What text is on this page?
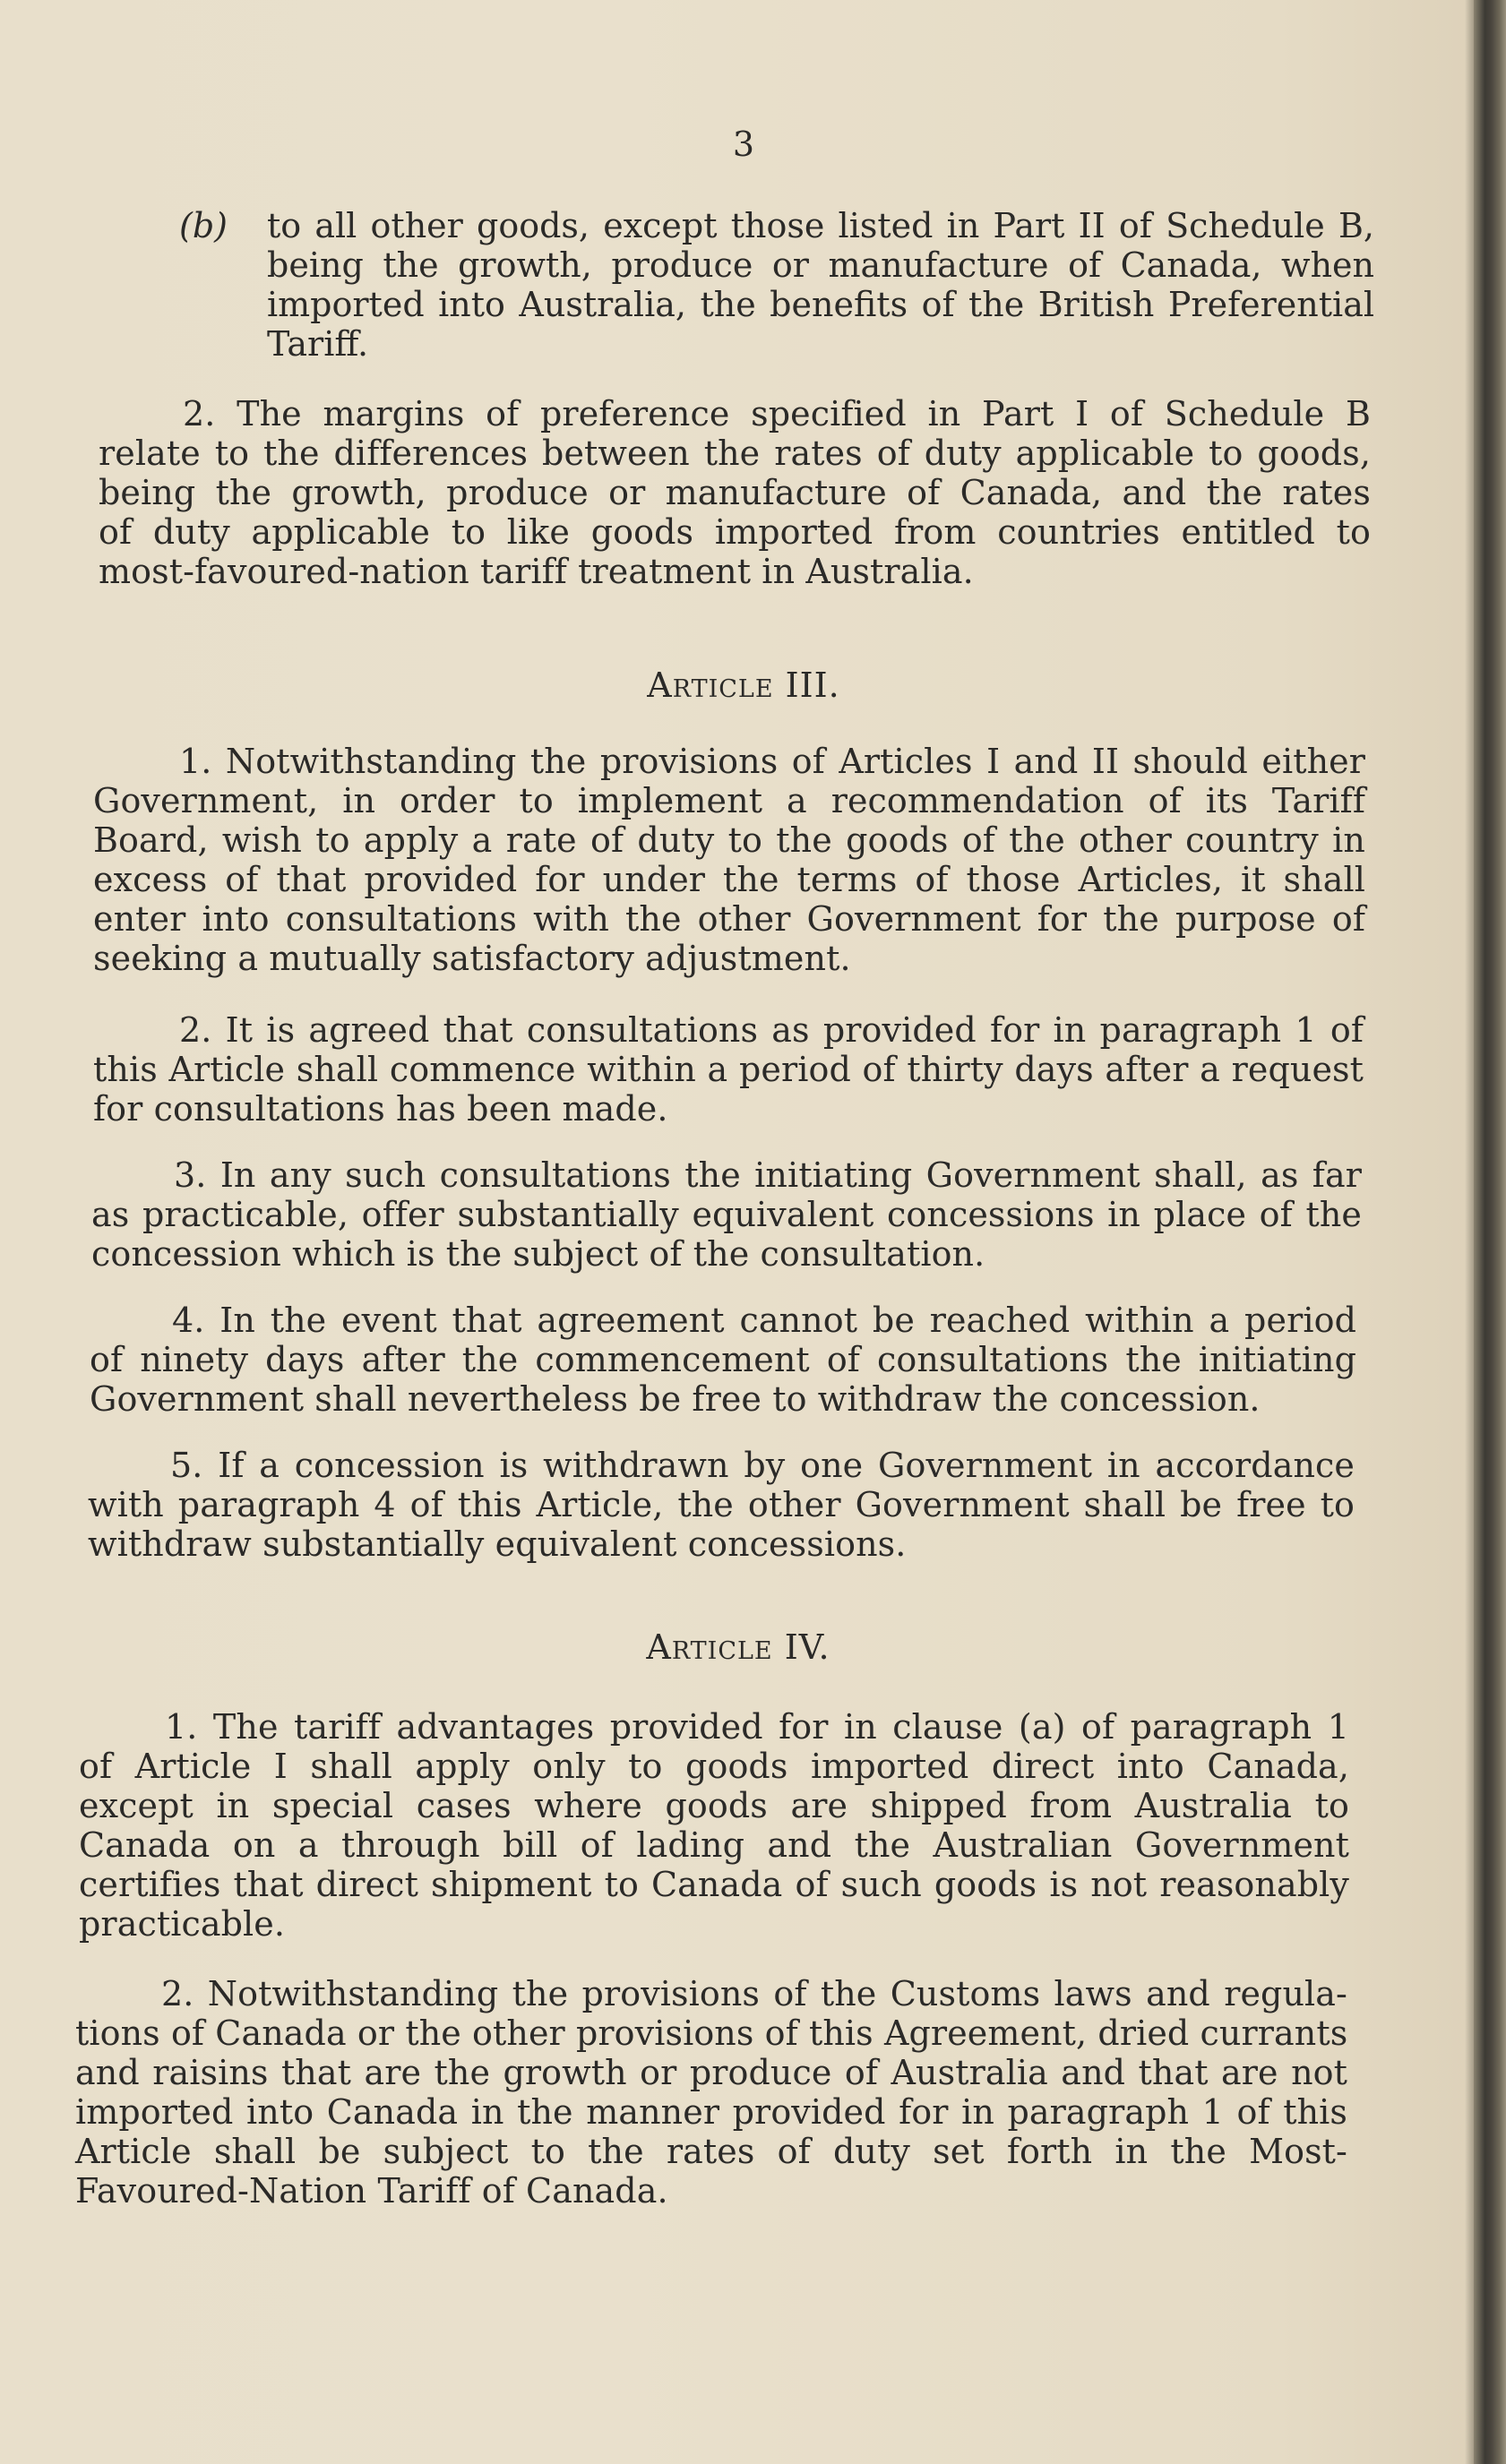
3
(b) to all other goods, except those listed in Part II of Schedule B,
being the growth, produce or manufacture of Canada, when
imported into Australia, the benefits of the British Preferential
Tariff.
2. The margins of preference specified in Part I of Schedule B
relate to the differences between the rates of duty applicable to goods,
being the growth, produce or manufacture of Canada, and the rates
of duty applicable to like goods imported from countries entitled to
most-favoured-nation tariff treatment in Australia.
Article III.
1. Notwithstanding the provisions of Articles I and II should either
Government, in order to implement a recommendation of its Tariff
Board, wish to apply a rate of duty to the goods of the other country in
excess of that provided for under the terms of those Articles, it shall
enter into consultations with the other Government for the purpose of
seeking a mutually satisfactory adjustment.
2. It is agreed that consultations as provided for in paragraph 1 of
this Article shall commence within a period of thirty days after a request
for consultations has been made.
3. In any such consultations the initiating Government shall, as far
as practicable, offer substantially equivalent concessions in place of the
concession which is the subject of the consultation.
4. In the event that agreement cannot be reached within a period
of ninety days after the commencement of consultations the initiating
Government shall nevertheless be free to withdraw the concession.
5. If a concession is withdrawn by one Government in accordance
with paragraph 4 of this Article, the other Government shall be free to
withdraw substantially equivalent concessions.
Article IV.
1. The tariff advantages provided for in clause (a) of paragraph 1
of Article I shall apply only to goods imported direct into Canada,
except in special cases where goods are shipped from Australia to
Canada on a through bill of lading and the Australian Government
certifies that direct shipment to Canada of such goods is not reasonably
practicable.
2. Notwithstanding the provisions of the Customs laws and regula-
tions of Canada or the other provisions of this Agreement, dried currants
and raisins that are the growth or produce of Australia and that are not
imported into Canada in the manner provided for in paragraph 1 of this
Article shall be subject to the rates of duty set forth in the Most-
Favoured-Nation Tariff of Canada.
